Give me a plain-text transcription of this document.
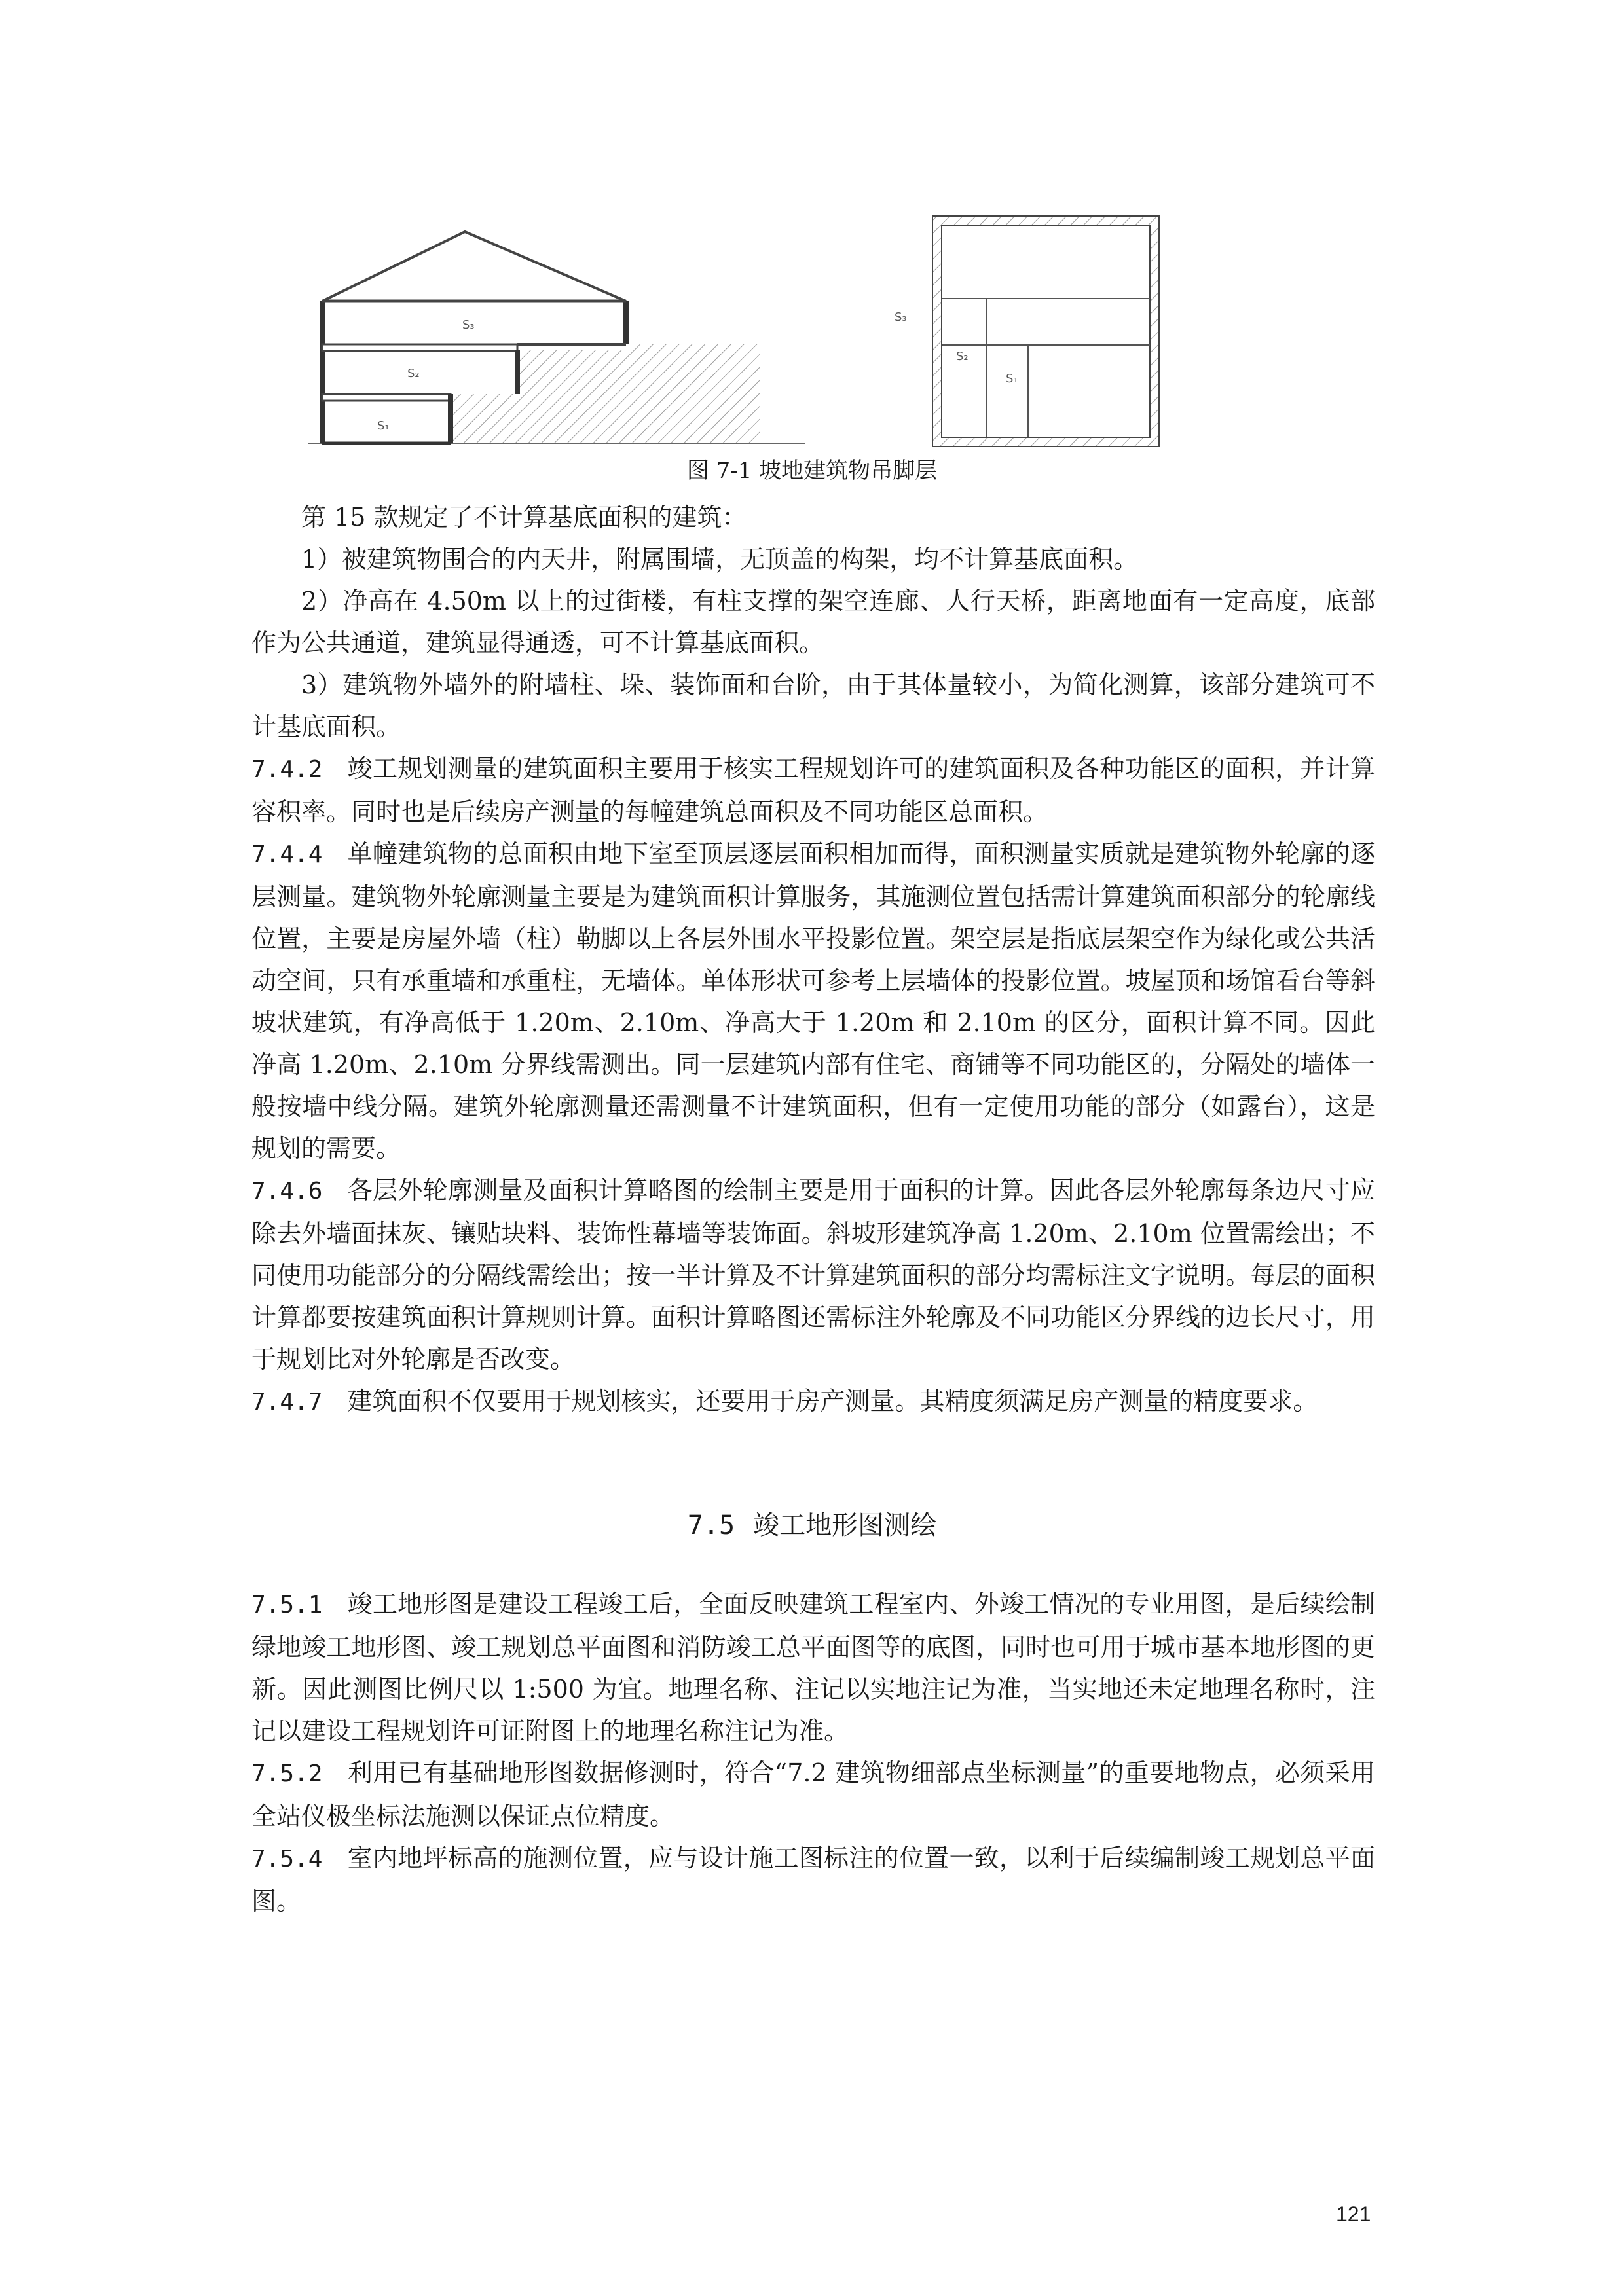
S₃
S₂
S₁
S₃
S₂
S₁
图 7-1 坡地建筑物吊脚层

第 15 款规定了不计算基底面积的建筑：

1）被建筑物围合的内天井，附属围墙，无顶盖的构架，均不计算基底面积。

2）净高在 4.50m 以上的过街楼，有柱支撑的架空连廊、人行天桥，距离地面有一定高度，底部作为公共通道，建筑显得通透，可不计算基底面积。

3）建筑物外墙外的附墙柱、垛、装饰面和台阶，由于其体量较小，为简化测算，该部分建筑可不计基底面积。

7.4.2 竣工规划测量的建筑面积主要用于核实工程规划许可的建筑面积及各种功能区的面积，并计算容积率。同时也是后续房产测量的每幢建筑总面积及不同功能区总面积。

7.4.4 单幢建筑物的总面积由地下室至顶层逐层面积相加而得，面积测量实质就是建筑物外轮廓的逐层测量。建筑物外轮廓测量主要是为建筑面积计算服务，其施测位置包括需计算建筑面积部分的轮廓线位置，主要是房屋外墙（柱）勒脚以上各层外围水平投影位置。架空层是指底层架空作为绿化或公共活动空间，只有承重墙和承重柱，无墙体。单体形状可参考上层墙体的投影位置。坡屋顶和场馆看台等斜坡状建筑，有净高低于 1.20m、2.10m、净高大于 1.20m 和 2.10m 的区分，面积计算不同。因此净高 1.20m、2.10m 分界线需测出。同一层建筑内部有住宅、商铺等不同功能区的，分隔处的墙体一般按墙中线分隔。建筑外轮廓测量还需测量不计建筑面积，但有一定使用功能的部分（如露台），这是规划的需要。

7.4.6 各层外轮廓测量及面积计算略图的绘制主要是用于面积的计算。因此各层外轮廓每条边尺寸应除去外墙面抹灰、镶贴块料、装饰性幕墙等装饰面。斜坡形建筑净高 1.20m、2.10m 位置需绘出；不同使用功能部分的分隔线需绘出；按一半计算及不计算建筑面积的部分均需标注文字说明。每层的面积计算都要按建筑面积计算规则计算。面积计算略图还需标注外轮廓及不同功能区分界线的边长尺寸，用于规划比对外轮廓是否改变。

7.4.7 建筑面积不仅要用于规划核实，还要用于房产测量。其精度须满足房产测量的精度要求。

7.5 竣工地形图测绘

7.5.1 竣工地形图是建设工程竣工后，全面反映建筑工程室内、外竣工情况的专业用图，是后续绘制绿地竣工地形图、竣工规划总平面图和消防竣工总平面图等的底图，同时也可用于城市基本地形图的更新。因此测图比例尺以 1:500 为宜。地理名称、注记以实地注记为准，当实地还未定地理名称时，注记以建设工程规划许可证附图上的地理名称注记为准。

7.5.2 利用已有基础地形图数据修测时，符合“7.2 建筑物细部点坐标测量”的重要地物点，必须采用全站仪极坐标法施测以保证点位精度。

7.5.4 室内地坪标高的施测位置，应与设计施工图标注的位置一致，以利于后续编制竣工规划总平面图。

121
